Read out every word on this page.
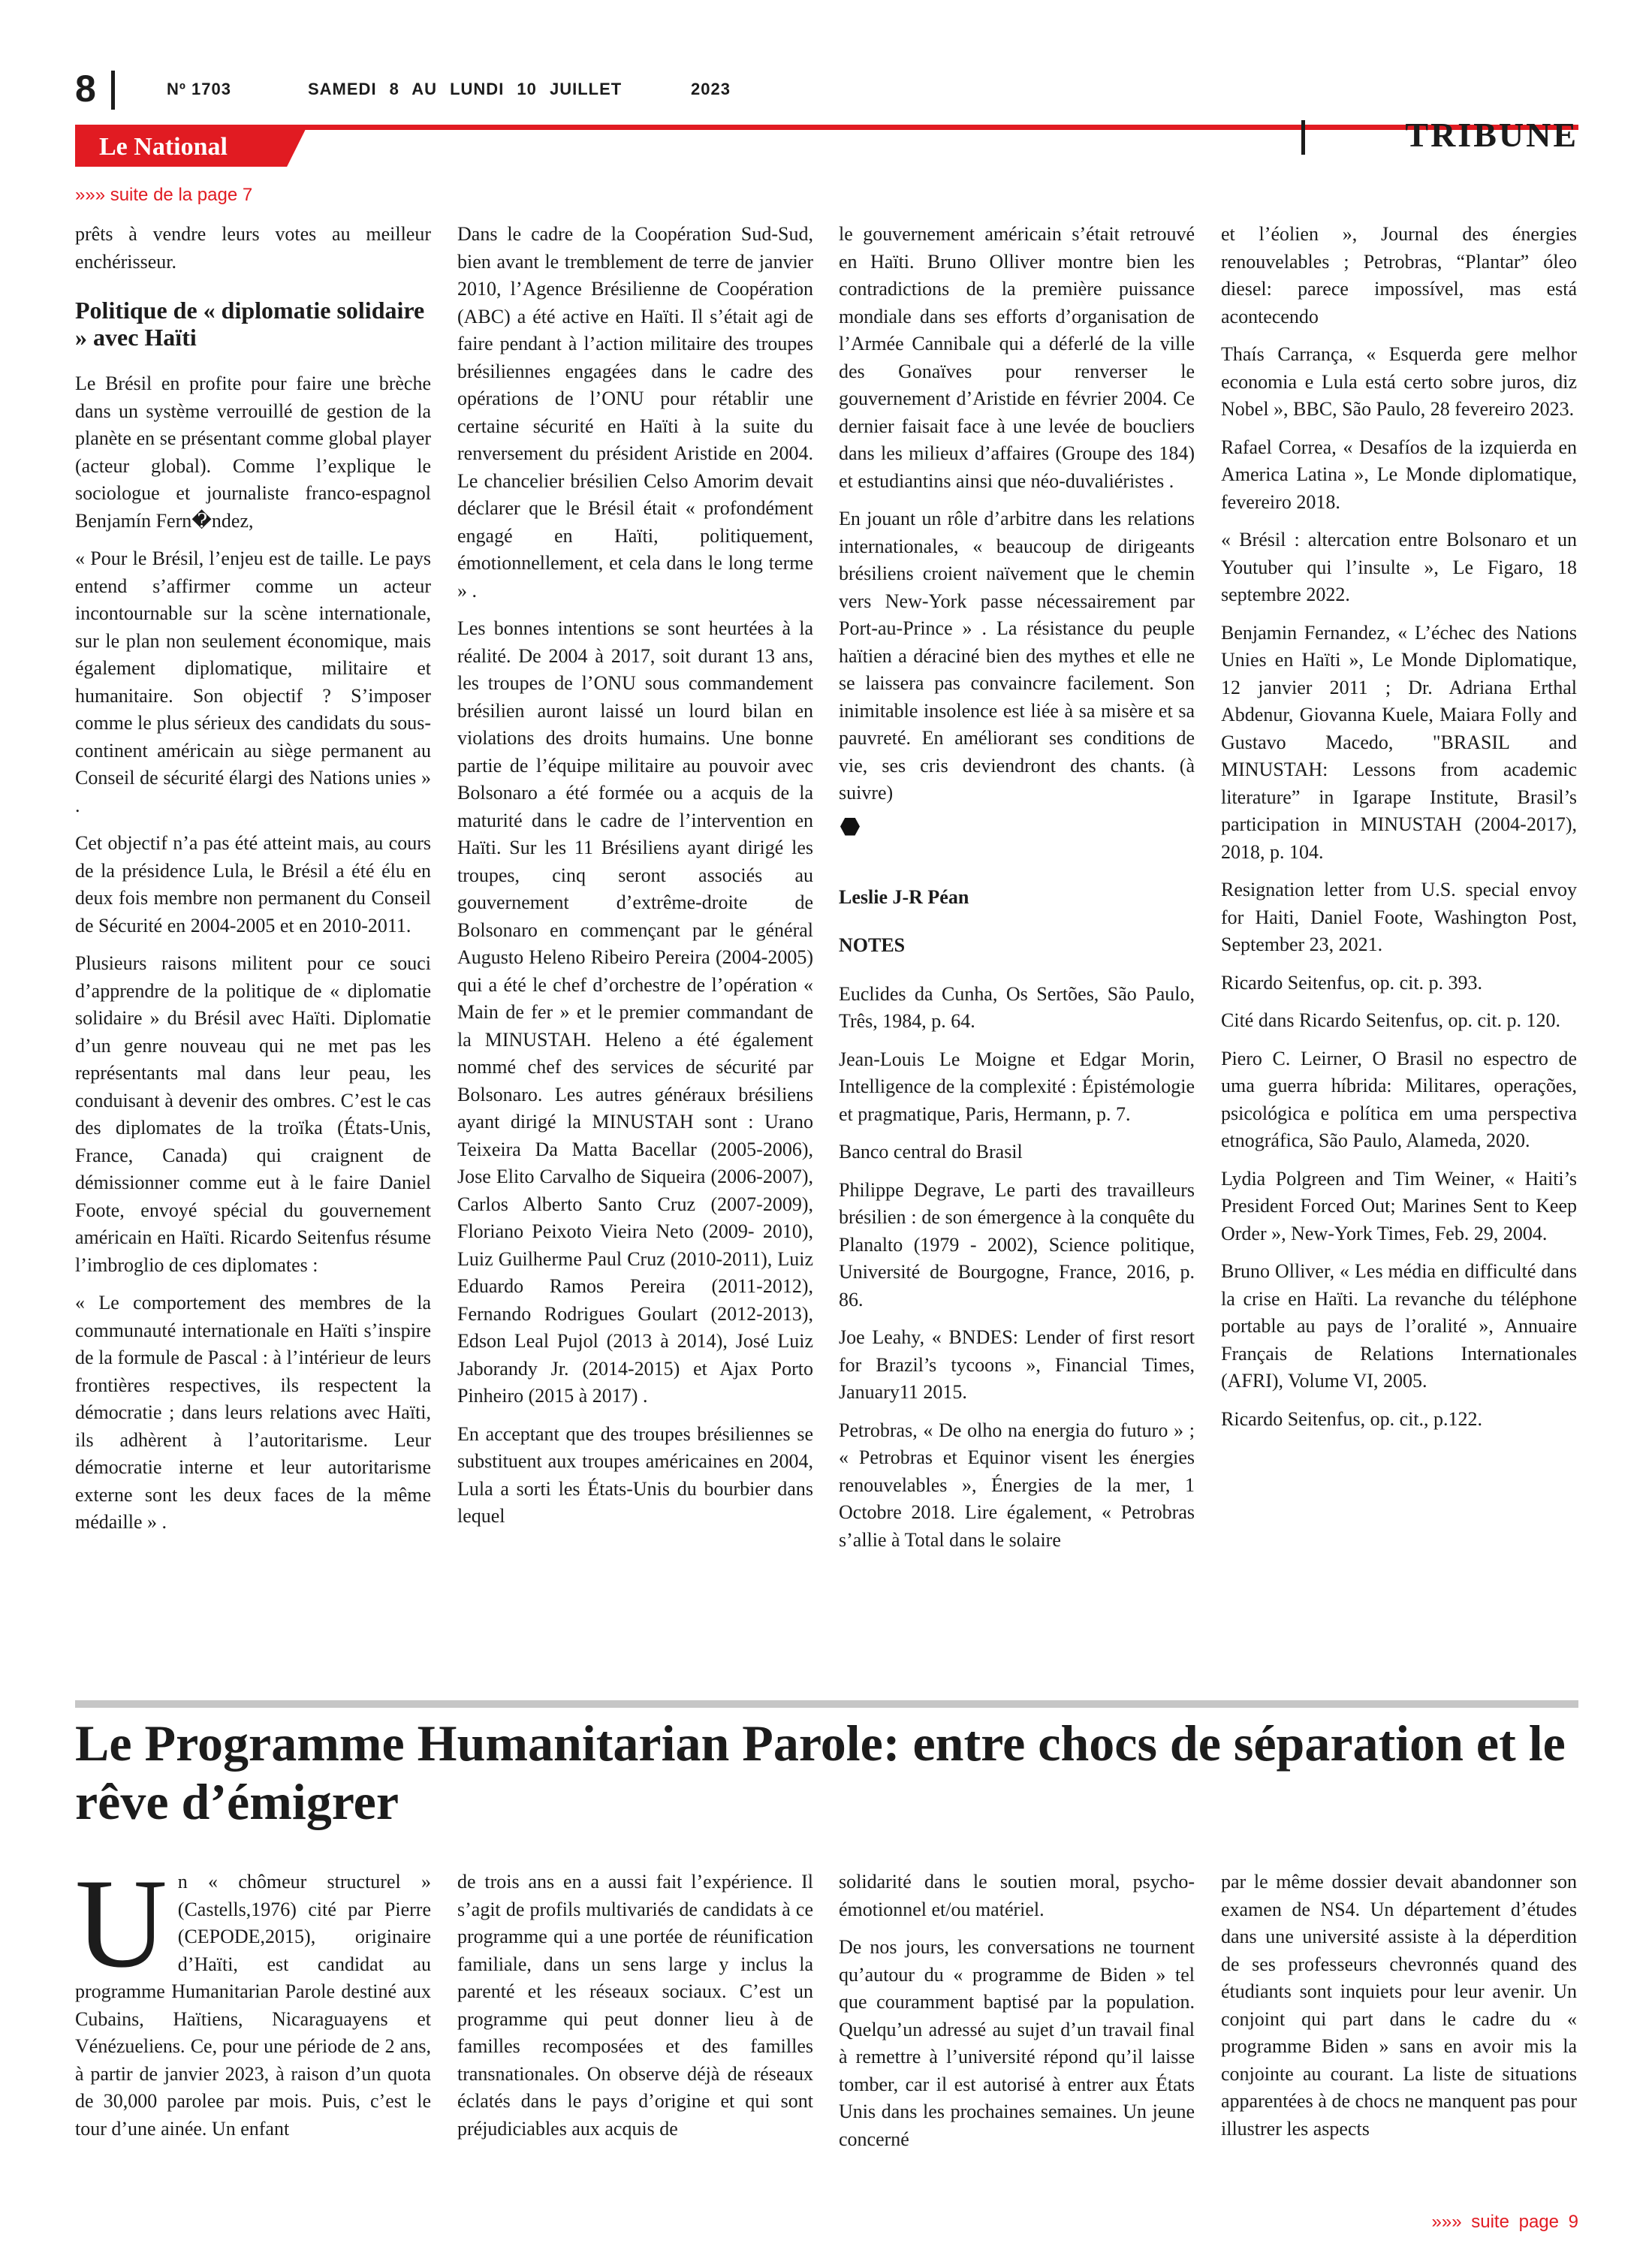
8	Nº 1703	SAMEDI 8 AU LUNDI 10 JUILLET	2023
Le National	TRIBUNE
»»» suite de la page 7

prêts à vendre leurs votes au meilleur enchérisseur.

Politique de « diplomatie solidaire » avec Haïti

Le Brésil en profite pour faire une brèche dans un système verrouillé de gestion de la planète en se présentant comme global player (acteur global). Comme l’explique le sociologue et journaliste franco-espagnol Benjamín Fern�ndez,

« Pour le Brésil, l’enjeu est de taille. Le pays entend s’affirmer comme un acteur incontournable sur la scène internationale, sur le plan non seulement économique, mais également diplomatique, militaire et humanitaire. Son objectif ? S’imposer comme le plus sérieux des candidats du sous-continent américain au siège permanent au Conseil de sécurité élargi des Nations unies » .

Cet objectif n’a pas été atteint mais, au cours de la présidence Lula, le Brésil a été élu en deux fois membre non permanent du Conseil de Sécurité en 2004-2005 et en 2010-2011.

Plusieurs raisons militent pour ce souci d’apprendre de la politique de « diplomatie solidaire » du Brésil avec Haïti. Diplomatie d’un genre nouveau qui ne met pas les représentants mal dans leur peau, les conduisant à devenir des ombres. C’est le cas des diplomates de la troïka (États-Unis, France, Canada) qui craignent de démissionner comme eut à le faire Daniel Foote, envoyé spécial du gouvernement américain en Haïti. Ricardo Seitenfus résume l’imbroglio de ces diplomates :

« Le comportement des membres de la communauté internationale en Haïti s’inspire de la formule de Pascal : à l’intérieur de leurs frontières respectives, ils respectent la démocratie ; dans leurs relations avec Haïti, ils adhèrent à l’autoritarisme. Leur démocratie interne et leur autoritarisme externe sont les deux faces de la même médaille » .

Dans le cadre de la Coopération Sud-Sud, bien avant le tremblement de terre de janvier 2010, l’Agence Brésilienne de Coopération (ABC) a été active en Haïti. Il s’était agi de faire pendant à l’action militaire des troupes brésiliennes engagées dans le cadre des opérations de l’ONU pour rétablir une certaine sécurité en Haïti à la suite du renversement du président Aristide en 2004. Le chancelier brésilien Celso Amorim devait déclarer que le Brésil était « profondément engagé en Haïti, politiquement, émotionnellement, et cela dans le long terme » .

Les bonnes intentions se sont heurtées à la réalité. De 2004 à 2017, soit durant 13 ans, les troupes de l’ONU sous commandement brésilien auront laissé un lourd bilan en violations des droits humains. Une bonne partie de l’équipe militaire au pouvoir avec Bolsonaro a été formée ou a acquis de la maturité dans le cadre de l’intervention en Haïti. Sur les 11 Brésiliens ayant dirigé les troupes, cinq seront associés au gouvernement d’extrême-droite de Bolsonaro en commençant par le général Augusto Heleno Ribeiro Pereira (2004-2005) qui a été le chef d’orchestre de l’opération « Main de fer » et le premier commandant de la MINUSTAH. Heleno a été également nommé chef des services de sécurité par Bolsonaro. Les autres généraux brésiliens ayant dirigé la MINUSTAH sont : Urano Teixeira Da Matta Bacellar (2005-2006), Jose Elito Carvalho de Siqueira (2006-2007), Carlos Alberto Santo Cruz (2007-2009), Floriano Peixoto Vieira Neto (2009- 2010), Luiz Guilherme Paul Cruz (2010-2011), Luiz Eduardo Ramos Pereira (2011-2012), Fernando Rodrigues Goulart (2012-2013), Edson Leal Pujol (2013 à 2014), José Luiz Jaborandy Jr. (2014-2015) et Ajax Porto Pinheiro (2015 à 2017) .

En acceptant que des troupes brésiliennes se substituent aux troupes américaines en 2004, Lula a sorti les États-Unis du bourbier dans lequel

le gouvernement américain s’était retrouvé en Haïti. Bruno Olliver montre bien les contradictions de la première puissance mondiale dans ses efforts d’organisation de l’Armée Cannibale qui a déferlé de la ville des Gonaïves pour renverser le gouvernement d’Aristide en février 2004. Ce dernier faisait face à une levée de boucliers dans les milieux d’affaires (Groupe des 184) et estudiantins ainsi que néo-duvaliéristes .

En jouant un rôle d’arbitre dans les relations internationales, « beaucoup de dirigeants brésiliens croient naïvement que le chemin vers New-York passe nécessairement par Port-au-Prince » . La résistance du peuple haïtien a déraciné bien des mythes et elle ne se laissera pas convaincre facilement. Son inimitable insolence est liée à sa misère et sa pauvreté. En améliorant ses conditions de vie, ses cris deviendront des chants. (à suivre)

Leslie J-R Péan
NOTES

Euclides da Cunha, Os Sertões, São Paulo, Três, 1984, p. 64.

Jean-Louis Le Moigne et Edgar Morin, Intelligence de la complexité : Épistémologie et pragmatique, Paris, Hermann, p. 7.

Banco central do Brasil

Philippe Degrave, Le parti des travailleurs brésilien : de son émergence à la conquête du Planalto (1979 - 2002), Science politique, Université de Bourgogne, France, 2016, p. 86.

Joe Leahy, « BNDES: Lender of first resort for Brazil’s tycoons », Financial Times, January11 2015.

Petrobras, « De olho na energia do futuro » ; « Petrobras et Equinor visent les énergies renouvelables », Énergies de la mer, 1 Octobre 2018. Lire également, « Petrobras s’allie à Total dans le solaire

et l’éolien », Journal des énergies renouvelables ; Petrobras, “Plantar” óleo diesel: parece impossível, mas está acontecendo

Thaís Carrança, « Esquerda gere melhor economia e Lula está certo sobre juros, diz Nobel », BBC, São Paulo, 28 fevereiro 2023.

Rafael Correa, « Desafíos de la izquierda en America Latina », Le Monde diplomatique, fevereiro 2018.

« Brésil : altercation entre Bolsonaro et un Youtuber qui l’insulte », Le Figaro, 18 septembre 2022.

Benjamin Fernandez, « L’échec des Nations Unies en Haïti », Le Monde Diplomatique, 12 janvier 2011 ; Dr. Adriana Erthal Abdenur, Giovanna Kuele, Maiara Folly and Gustavo Macedo, "BRASIL and MINUSTAH: Lessons from academic literature” in Igarape Institute, Brasil’s participation in MINUSTAH (2004-2017), 2018, p. 104.

Resignation letter from U.S. special envoy for Haiti, Daniel Foote, Washington Post, September 23, 2021.

Ricardo Seitenfus, op. cit. p. 393.

Cité dans Ricardo Seitenfus, op. cit. p. 120.

Piero C. Leirner, O Brasil no espectro de uma guerra híbrida: Militares, operações, psicológica e política em uma perspectiva etnográfica, São Paulo, Alameda, 2020.

Lydia Polgreen and Tim Weiner, « Haiti’s President Forced Out; Marines Sent to Keep Order », New-York Times, Feb. 29, 2004.

Bruno Olliver, « Les média en difficulté dans la crise en Haïti. La revanche du téléphone portable au pays de l’oralité », Annuaire Français de Relations Internationales (AFRI), Volume VI, 2005.

Ricardo Seitenfus, op. cit., p.122.

Le Programme Humanitarian Parole: entre chocs de séparation et le rêve d’émigrer
U n « chômeur structurel » (Castells,1976) cité par Pierre (CEPODE,2015), originaire d’Haïti, est candidat au programme Humanitarian Parole destiné aux Cubains, Haïtiens, Nicaraguayens et Vénézueliens. Ce, pour une période de 2 ans, à partir de janvier 2023, à raison d’un quota de 30,000 parolee par mois. Puis, c’est le tour d’une ainée. Un enfant

de trois ans en a aussi fait l’expérience. Il s’agit de profils multivariés de candidats à ce programme qui a une portée de réunification familiale, dans un sens large y inclus la parenté et les réseaux sociaux. C’est un programme qui peut donner lieu à de familles recomposées et des familles transnationales. On observe déjà de réseaux éclatés dans le pays d’origine et qui sont préjudiciables aux acquis de

solidarité dans le soutien moral, psycho-émotionnel et/ou matériel.

De nos jours, les conversations ne tournent qu’autour du « programme de Biden » tel que couramment baptisé par la population. Quelqu’un adressé au sujet d’un travail final à remettre à l’université répond qu’il laisse tomber, car il est autorisé à entrer aux États Unis dans les prochaines semaines. Un jeune concerné

par le même dossier devait abandonner son examen de NS4. Un département d’études dans une université assiste à la déperdition de ses professeurs chevronnés quand des étudiants sont inquiets pour leur avenir. Un conjoint qui part dans le cadre du « programme Biden » sans en avoir mis la conjointe au courant. La liste de situations apparentées à de chocs ne manquent pas pour illustrer les aspects

»»» suite page 9
